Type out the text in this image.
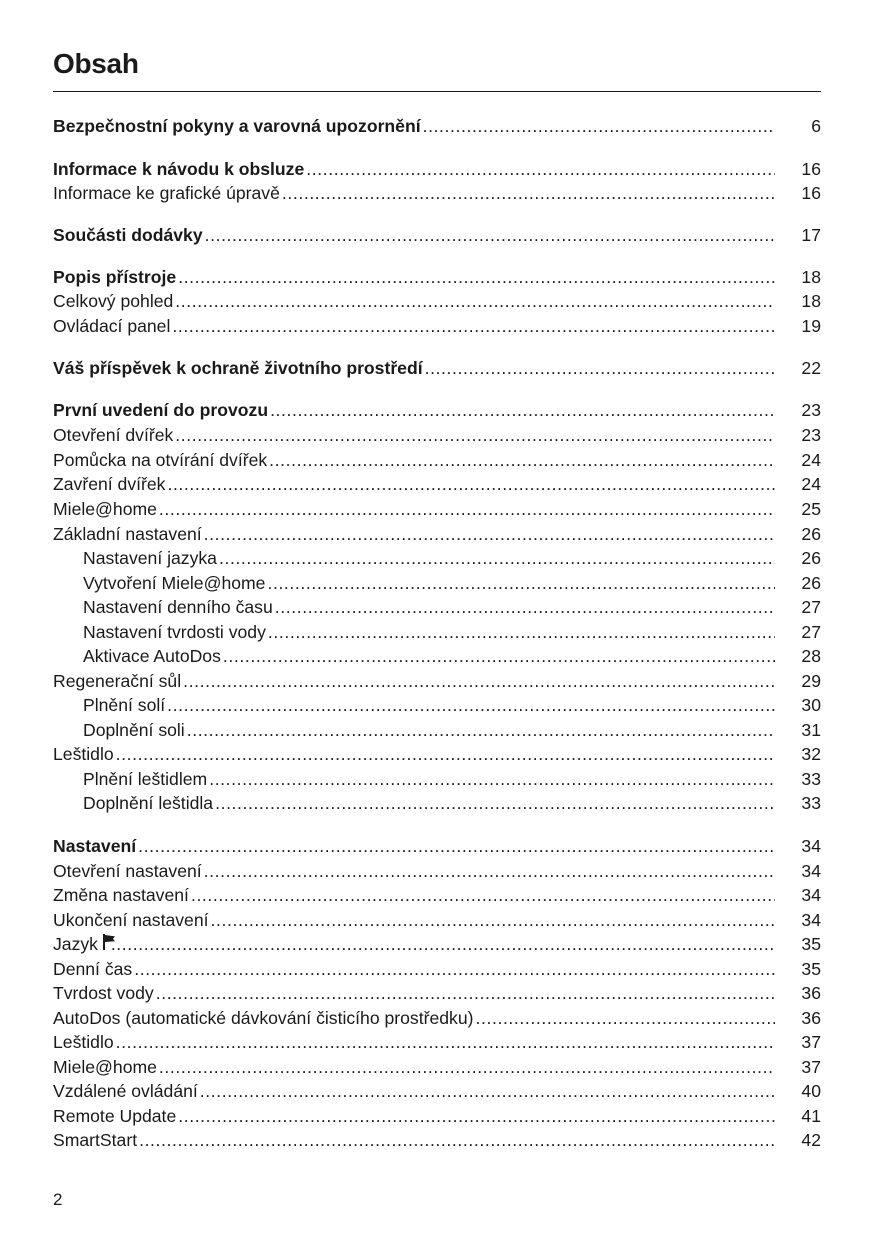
Obsah
Bezpečnostní pokyny a varovná upozornění .....	6
Informace k návodu k obsluze .....	16
Informace ke grafické úpravě .....	16
Součásti dodávky .....	17
Popis přístroje .....	18
Celkový pohled .....	18
Ovládací panel .....	19
Váš příspěvek k ochraně životního prostředí .....	22
První uvedení do provozu .....	23
Otevření dvířek .....	23
Pomůcka na otvírání dvířek .....	24
Zavření dvířek .....	24
Miele@home .....	25
Základní nastavení .....	26
Nastavení jazyka .....	26
Vytvoření Miele@home .....	26
Nastavení denního času .....	27
Nastavení tvrdosti vody .....	27
Aktivace AutoDos .....	28
Regenerační sůl .....	29
Plnění solí .....	30
Doplnění soli .....	31
Leštidlo .....	32
Plnění leštidlem .....	33
Doplnění leštidla .....	33
Nastavení .....	34
Otevření nastavení .....	34
Změna nastavení .....	34
Ukončení nastavení .....	34
Jazyk .....	35
Denní čas .....	35
Tvrdost vody .....	36
AutoDos (automatické dávkování čisticího prostředku) .....	36
Leštidlo .....	37
Miele@home .....	37
Vzdálené ovládání .....	40
Remote Update .....	41
SmartStart .....	42
2
